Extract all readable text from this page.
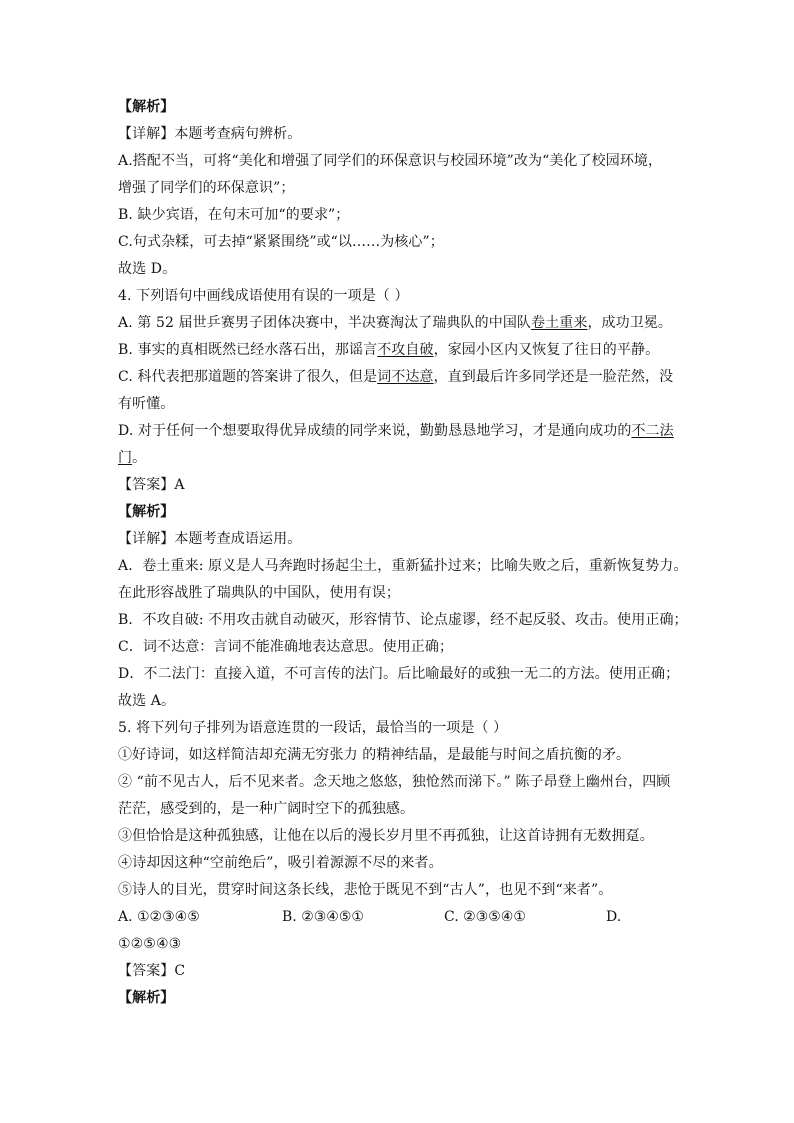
【解析】
【详解】本题考查病句辨析。
A.搭配不当，可将“美化和增强了同学们的环保意识与校园环境”改为“美化了校园环境，
增强了同学们的环保意识”；
B. 缺少宾语，在句末可加“的要求”；
C.句式杂糅，可去掉“紧紧围绕”或“以……为核心”；
故选 D。
4. 下列语句中画线成语使用有误的一项是（ ）
A. 第 52 届世乒赛男子团体决赛中，半决赛淘汰了瑞典队的中国队卷土重来，成功卫冕。
B. 事实的真相既然已经水落石出，那谣言不攻自破，家园小区内又恢复了往日的平静。
C. 科代表把那道题的答案讲了很久，但是词不达意，直到最后许多同学还是一脸茫然，没
有听懂。
D. 对于任何一个想要取得优异成绩的同学来说，勤勤恳恳地学习，才是通向成功的不二法
门。
【答案】A
【解析】
【详解】本题考查成语运用。
A．卷土重来: 原义是人马奔跑时扬起尘土，重新猛扑过来；比喻失败之后，重新恢复势力。
在此形容战胜了瑞典队的中国队，使用有误；
B．不攻自破: 不用攻击就自动破灭，形容情节、论点虚谬，经不起反驳、攻击。使用正确；
C．词不达意：言词不能准确地表达意思。使用正确；
D．不二法门：直接入道，不可言传的法门。后比喻最好的或独一无二的方法。使用正确；
故选 A。
5. 将下列句子排列为语意连贯的一段话，最恰当的一项是（ ）
①好诗词，如这样简洁却充满无穷张力 的精神结晶，是最能与时间之盾抗衡的矛。
② “前不见古人，后不见来者。念天地之悠悠，独怆然而涕下。” 陈子昂登上幽州台，四顾
茫茫，感受到的，是一种广阔时空下的孤独感。
③但恰恰是这种孤独感，让他在以后的漫长岁月里不再孤独，让这首诗拥有无数拥趸。
④诗却因这种“空前绝后”，吸引着源源不尽的来者。
⑤诗人的目光，贯穿时间这条长线，悲怆于既见不到“古人”，也见不到“来者”。
A. ①②③④⑤	B. ②③④⑤①	C. ②③⑤④①	D.
①②⑤④③
【答案】C
【解析】
